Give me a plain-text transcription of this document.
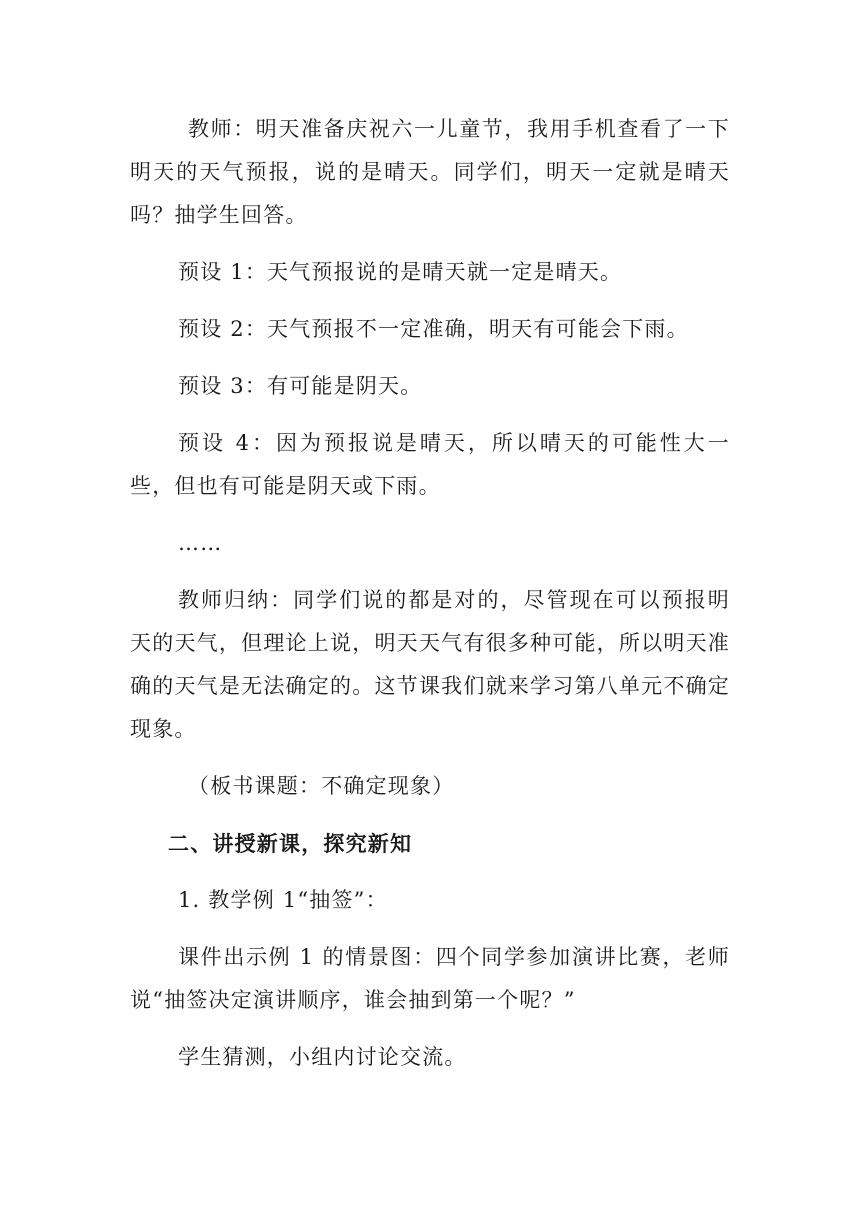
教师：明天准备庆祝六一儿童节，我用手机查看了一下明天的天气预报，说的是晴天。同学们，明天一定就是晴天吗？抽学生回答。

预设 1：天气预报说的是晴天就一定是晴天。

预设 2：天气预报不一定准确，明天有可能会下雨。

预设 3：有可能是阴天。

预设 4：因为预报说是晴天，所以晴天的可能性大一些，但也有可能是阴天或下雨。

……

教师归纳：同学们说的都是对的，尽管现在可以预报明天的天气，但理论上说，明天天气有很多种可能，所以明天准确的天气是无法确定的。这节课我们就来学习第八单元不确定现象。

（板书课题：不确定现象）

二、讲授新课，探究新知

1. 教学例 1“抽签”：

课件出示例 1 的情景图：四个同学参加演讲比赛，老师说“抽签决定演讲顺序，谁会抽到第一个呢？”

学生猜测，小组内讨论交流。
